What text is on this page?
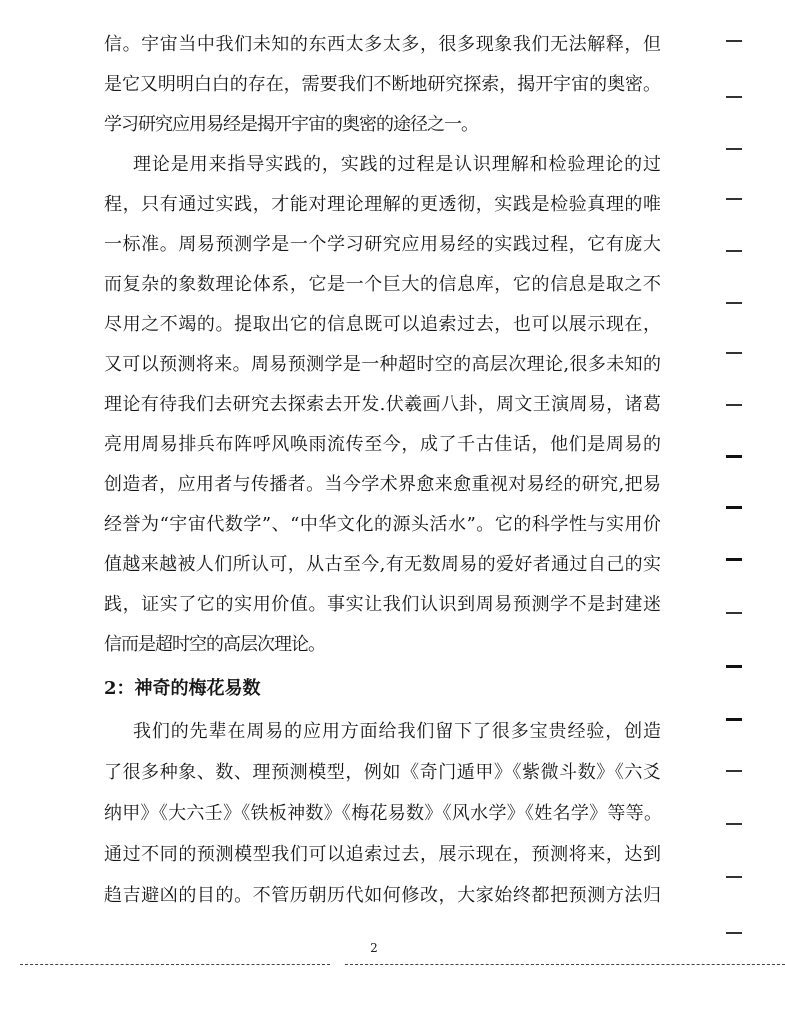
信。宇宙当中我们未知的东西太多太多，很多现象我们无法解释，但
是它又明明白白的存在，需要我们不断地研究探索，揭开宇宙的奥密。
学习研究应用易经是揭开宇宙的奥密的途径之一。
理论是用来指导实践的，实践的过程是认识理解和检验理论的过
程，只有通过实践，才能对理论理解的更透彻，实践是检验真理的唯
一标准。周易预测学是一个学习研究应用易经的实践过程，它有庞大
而复杂的象数理论体系，它是一个巨大的信息库，它的信息是取之不
尽用之不竭的。提取出它的信息既可以追索过去，也可以展示现在，
又可以预测将来。周易预测学是一种超时空的高层次理论,很多未知的
理论有待我们去研究去探索去开发.伏羲画八卦，周文王演周易，诸葛
亮用周易排兵布阵呼风唤雨流传至今，成了千古佳话，他们是周易的
创造者，应用者与传播者。当今学术界愈来愈重视对易经的研究,把易
经誉为“宇宙代数学”、“中华文化的源头活水”。它的科学性与实用价
值越来越被人们所认可，从古至今,有无数周易的爱好者通过自己的实
践，证实了它的实用价值。事实让我们认识到周易预测学不是封建迷
信而是超时空的高层次理论。
2：神奇的梅花易数
我们的先辈在周易的应用方面给我们留下了很多宝贵经验，创造
了很多种象、数、理预测模型，例如《奇门遁甲》《紫微斗数》《六爻
纳甲》《大六壬》《铁板神数》《梅花易数》《风水学》《姓名学》等等。
通过不同的预测模型我们可以追索过去，展示现在，预测将来，达到
趋吉避凶的目的。不管历朝历代如何修改，大家始终都把预测方法归
2
